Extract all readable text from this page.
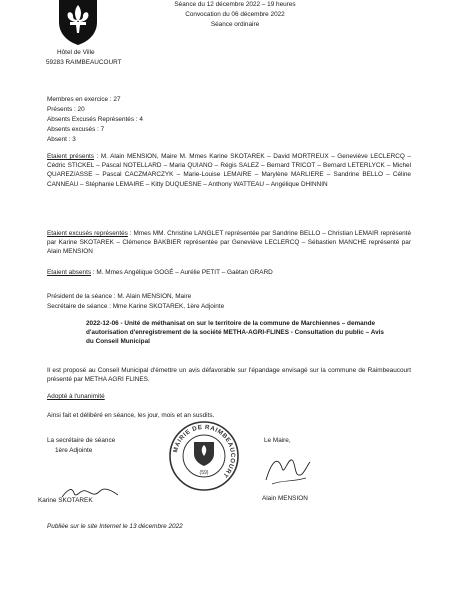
Hôtel de Ville
59283 RAIMBEAUCOURT
Séance du 12 décembre 2022 – 19 heures
Convocation du 06 décembre 2022
Séance ordinaire
Membres en exercice : 27
Présents : 20
Absents Excusés Représentés : 4
Absents excusés : 7
Absent : 3
Etaient présents : M. Alain MENSION, Maire M. Mmes Karine SKOTAREK – David MORTREUX – Geneviève LECLERCQ – Cédric STICKEL – Pascal NOTELLARD – Maria QUIANO – Régis SALEZ – Bernard TRICOT – Bernard LETERLYCK – Michel QUAREZ/ASSE – Pascal CACZMARCZYK – Marie-Louise LEMAIRE – Marylène MARLIERE – Sandrine BELLO – Céline CANNEAU – Stéphanie LEMAIRE – Kitty DUQUESNE – Anthony WATTEAU – Angélique DHINNIN
Etaient excusés représentés : Mmes MM. Christine LANGLET représentée par Sandrine BELLO – Christian LEMAIR représenté par Karine SKOTAREK – Clémence BAKBIER représentée par Geneviève LECLERCQ – Sébastien MANCHE représenté par Alain MENSION
Etaient absents : M. Mmes Angélique GOGÉ – Aurélie PETIT – Gaëtan GRARD
Président de la séance : M. Alain MENSION, Maire
Secrétaire de séance : Mme Karine SKOTAREK, 1ère Adjointe
2022-12-06 - Unité de méthanisat on sur le territoire de la commune de Marchiennes – demande d'autorisation d'enregistrement de la société METHA-AGRI-FLINES - Consultation du public – Avis du Conseil Municipal
Il est proposé au Conseil Municipal d'émettre un avis défavorable sur l'épandage envisagé sur la commune de Raimbeaucourt présenté par METHA AGRI FLINES.
Adopté à l'unanimité
Ainsi fait et délibéré en séance, les jour, mois et an susdits.
La secrétaire de séance
1ère Adjointe
Karine SKOTAREK
Le Maire,
Alain MENSION
MAIRIE DE RAIMBEAUCOURT
(59)
Publiée sur le site Internet le 13 décembre 2022
